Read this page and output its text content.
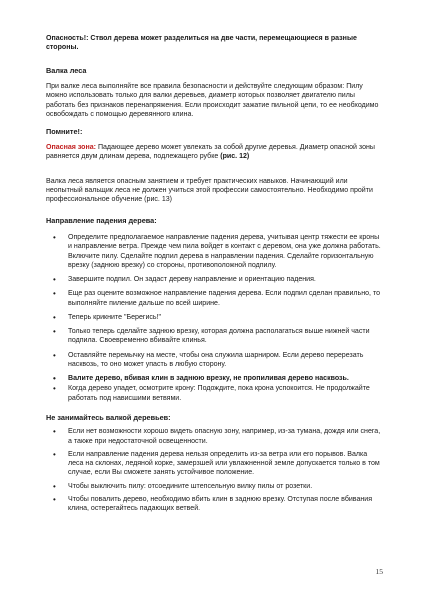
Опасность!: Ствол дерева может разделиться на две части, перемещающиеся в разные стороны.

Валка леса

При валке леса выполняйте все правила безопасности и действуйте следующим образом: Пилу можно использовать только для валки деревьев, диаметр которых позволяет двигателю пилы работать без признаков перенапряжения. Если происходит зажатие пильной цепи, то ее необходимо освобождать с помощью деревянного клина.

Помните!:

Опасная зона: Падающее дерево может увлекать за собой другие деревья. Диаметр опасной зоны равняется двум длинам дерева, подлежащего рубке (рис. 12)

Валка леса является опасным занятием и требует практических навыков. Начинающий или неопытный вальщик леса не должен учиться этой профессии самостоятельно. Необходимо пройти профессиональное обучение (рис. 13)

Направление падения дерева:

• Определите предполагаемое направление падения дерева, учитывая центр тяжести ее кроны и направление ветра. Прежде чем пила войдет в контакт с деревом, она уже должна работать. Включите пилу. Сделайте подпил дерева в направлении падения. Сделайте горизонтальную врезку (заднюю врезку) со стороны, противоположной подпилу.
• Завершите подпил. Он задаст дереву направление и ориентацию падения.
• Еще раз оцените возможное направление падения дерева. Если подпил сделан правильно, то выполняйте пиление дальше по всей ширине.
• Теперь крикните "Берегись!"
• Только теперь сделайте заднюю врезку, которая должна располагаться выше нижней части подпила. Своевременно вбивайте клинья.
• Оставляйте перемычку на месте, чтобы она служила шарниром. Если дерево перерезать насквозь, то оно может упасть в любую сторону.
• Валите дерево, вбивая клин в заднюю врезку, не пропиливая дерево насквозь.
• Когда дерево упадет, осмотрите крону: Подождите, пока крона успокоится. Не продолжайте работать под нависшими ветвями.

Не занимайтесь валкой деревьев:

• Если нет возможности хорошо видеть опасную зону, например, из-за тумана, дождя или снега, а также при недостаточной освещенности.
• Если направление падения дерева нельзя определить из-за ветра или его порывов. Валка леса на склонах, ледяной корке, замерзшей или увлажненной земле допускается только в том случае, если Вы сможете занять устойчивое положение.
• Чтобы выключить пилу: отсоедините штепсельную вилку пилы от розетки.
• Чтобы повалить дерево, необходимо вбить клин в заднюю врезку. Отступая после вбивания клина, остерегайтесь падающих ветвей.
15
